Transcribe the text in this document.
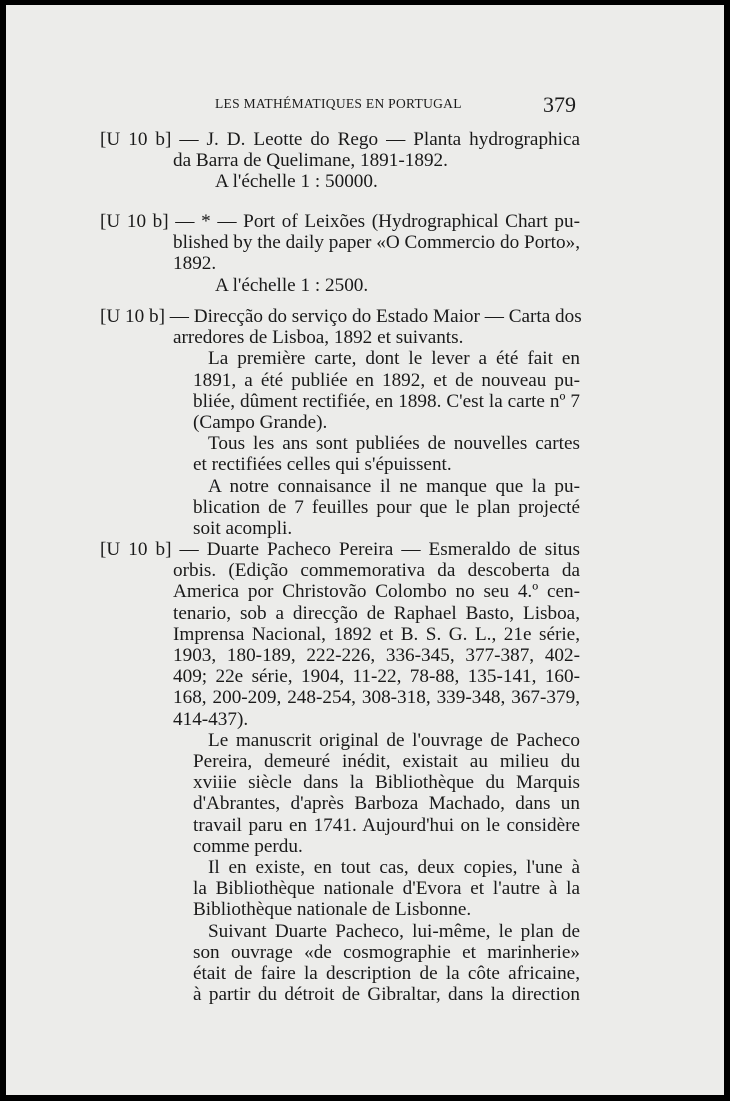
LES MATHÉMATIQUES EN PORTUGAL	379
[U 10 b] — J. D. Leotte do Rego — Planta hydrographica
da Barra de Quelimane, 1891-1892.
A l'échelle 1 : 50000.
[U 10 b] — * — Port of Leixões (Hydrographical Chart pu-
blished by the daily paper «O Commercio do Porto»,
1892.
A l'échelle 1 : 2500.
[U 10 b] — Direcção do serviço do Estado Maior — Carta dos
arredores de Lisboa, 1892 et suivants.
La première carte, dont le lever a été fait en
1891, a été publiée en 1892, et de nouveau pu-
bliée, dûment rectifiée, en 1898. C'est la carte nº 7
(Campo Grande).
Tous les ans sont publiées de nouvelles cartes
et rectifiées celles qui s'épuissent.
A notre connaisance il ne manque que la pu-
blication de 7 feuilles pour que le plan projecté
soit acompli.
[U 10 b] — Duarte Pacheco Pereira — Esmeraldo de situs
orbis. (Edição commemorativa da descoberta da
America por Christovão Colombo no seu 4.º cen-
tenario, sob a direcção de Raphael Basto, Lisboa,
Imprensa Nacional, 1892 et B. S. G. L., 21e série,
1903, 180-189, 222-226, 336-345, 377-387, 402-
409; 22e série, 1904, 11-22, 78-88, 135-141, 160-
168, 200-209, 248-254, 308-318, 339-348, 367-379,
414-437).
Le manuscrit original de l'ouvrage de Pacheco
Pereira, demeuré inédit, existait au milieu du
xviiie siècle dans la Bibliothèque du Marquis
d'Abrantes, d'après Barboza Machado, dans un
travail paru en 1741. Aujourd'hui on le considère
comme perdu.
Il en existe, en tout cas, deux copies, l'une à
la Bibliothèque nationale d'Evora et l'autre à la
Bibliothèque nationale de Lisbonne.
Suivant Duarte Pacheco, lui-même, le plan de
son ouvrage «de cosmographie et marinherie»
était de faire la description de la côte africaine,
à partir du détroit de Gibraltar, dans la direction
